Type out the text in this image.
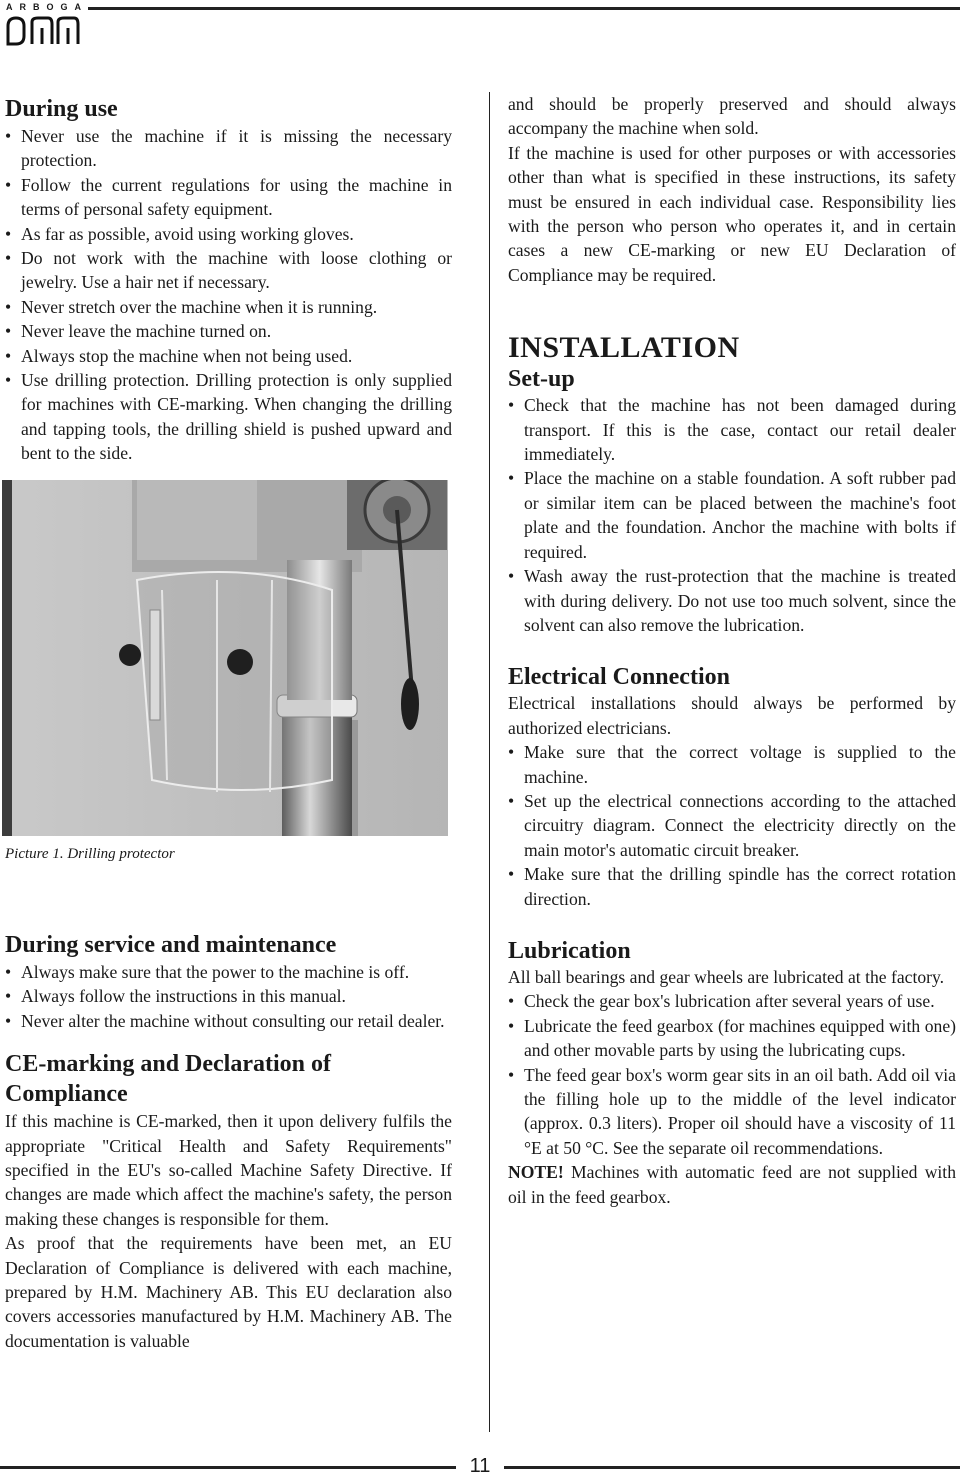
ARBOGA
During use
• Never use the machine if it is missing the necessary protection.
• Follow the current regulations for using the machine in terms of personal safety equipment.
• As far as possible, avoid using working gloves.
• Do not work with the machine with loose clothing or jewelry. Use a hair net if necessary.
• Never stretch over the machine when it is running.
• Never leave the machine turned on.
• Always stop the machine when not being used.
• Use drilling protection. Drilling protection is only supplied for machines with CE-marking. When changing the drilling and tapping tools, the drilling shield is pushed upward and bent to the side.
Picture 1. Drilling protector
During service and maintenance
• Always make sure that the power to the machine is off.
• Always follow the instructions in this manual.
• Never alter the machine without consulting our retail dealer.
CE-marking and Declaration of Compliance

If this machine is CE-marked, then it upon delivery fulfils the appropriate "Critical Health and Safety Requirements" specified in the EU's so-called Machine Safety Directive. If changes are made which affect the machine's safety, the person making these changes is responsible for them.

As proof that the requirements have been met, an EU Declaration of Compliance is delivered with each machine, prepared by H.M. Machinery AB. This EU declaration also covers accessories manufactured by H.M. Machinery AB. The documentation is valuable

and should be properly preserved and should always accompany the machine when sold.

If the machine is used for other purposes or with accessories other than what is specified in these instructions, its safety must be ensured in each individual case. Responsibility lies with the person who person who operates it, and in certain cases a new CE-marking or new EU Declaration of Compliance may be required.

INSTALLATION
Set-up
• Check that the machine has not been damaged during transport. If this is the case, contact our retail dealer immediately.
• Place the machine on a stable foundation. A soft rubber pad or similar item can be placed between the machine's foot plate and the foundation. Anchor the machine with bolts if required.
• Wash away the rust-protection that the machine is treated with during delivery. Do not use too much solvent, since the solvent can also remove the lubrication.
Electrical Connection

Electrical installations should always be performed by authorized electricians.

• Make sure that the correct voltage is supplied to the machine.
• Set up the electrical connections according to the attached circuitry diagram. Connect the electricity directly on the main motor's automatic circuit breaker.
• Make sure that the drilling spindle has the correct rotation direction.
Lubrication

All ball bearings and gear wheels are lubricated at the factory.

• Check the gear box's lubrication after several years of use.
• Lubricate the feed gearbox (for machines equipped with one) and other movable parts by using the lubricating cups.
• The feed gear box's worm gear sits in an oil bath. Add oil via the filling hole up to the middle of the level indicator (approx. 0.3 liters). Proper oil should have a viscosity of 11 °E at 50 °C. See the separate oil recommendations.

NOTE! Machines with automatic feed are not supplied with oil in the feed gearbox.

11
